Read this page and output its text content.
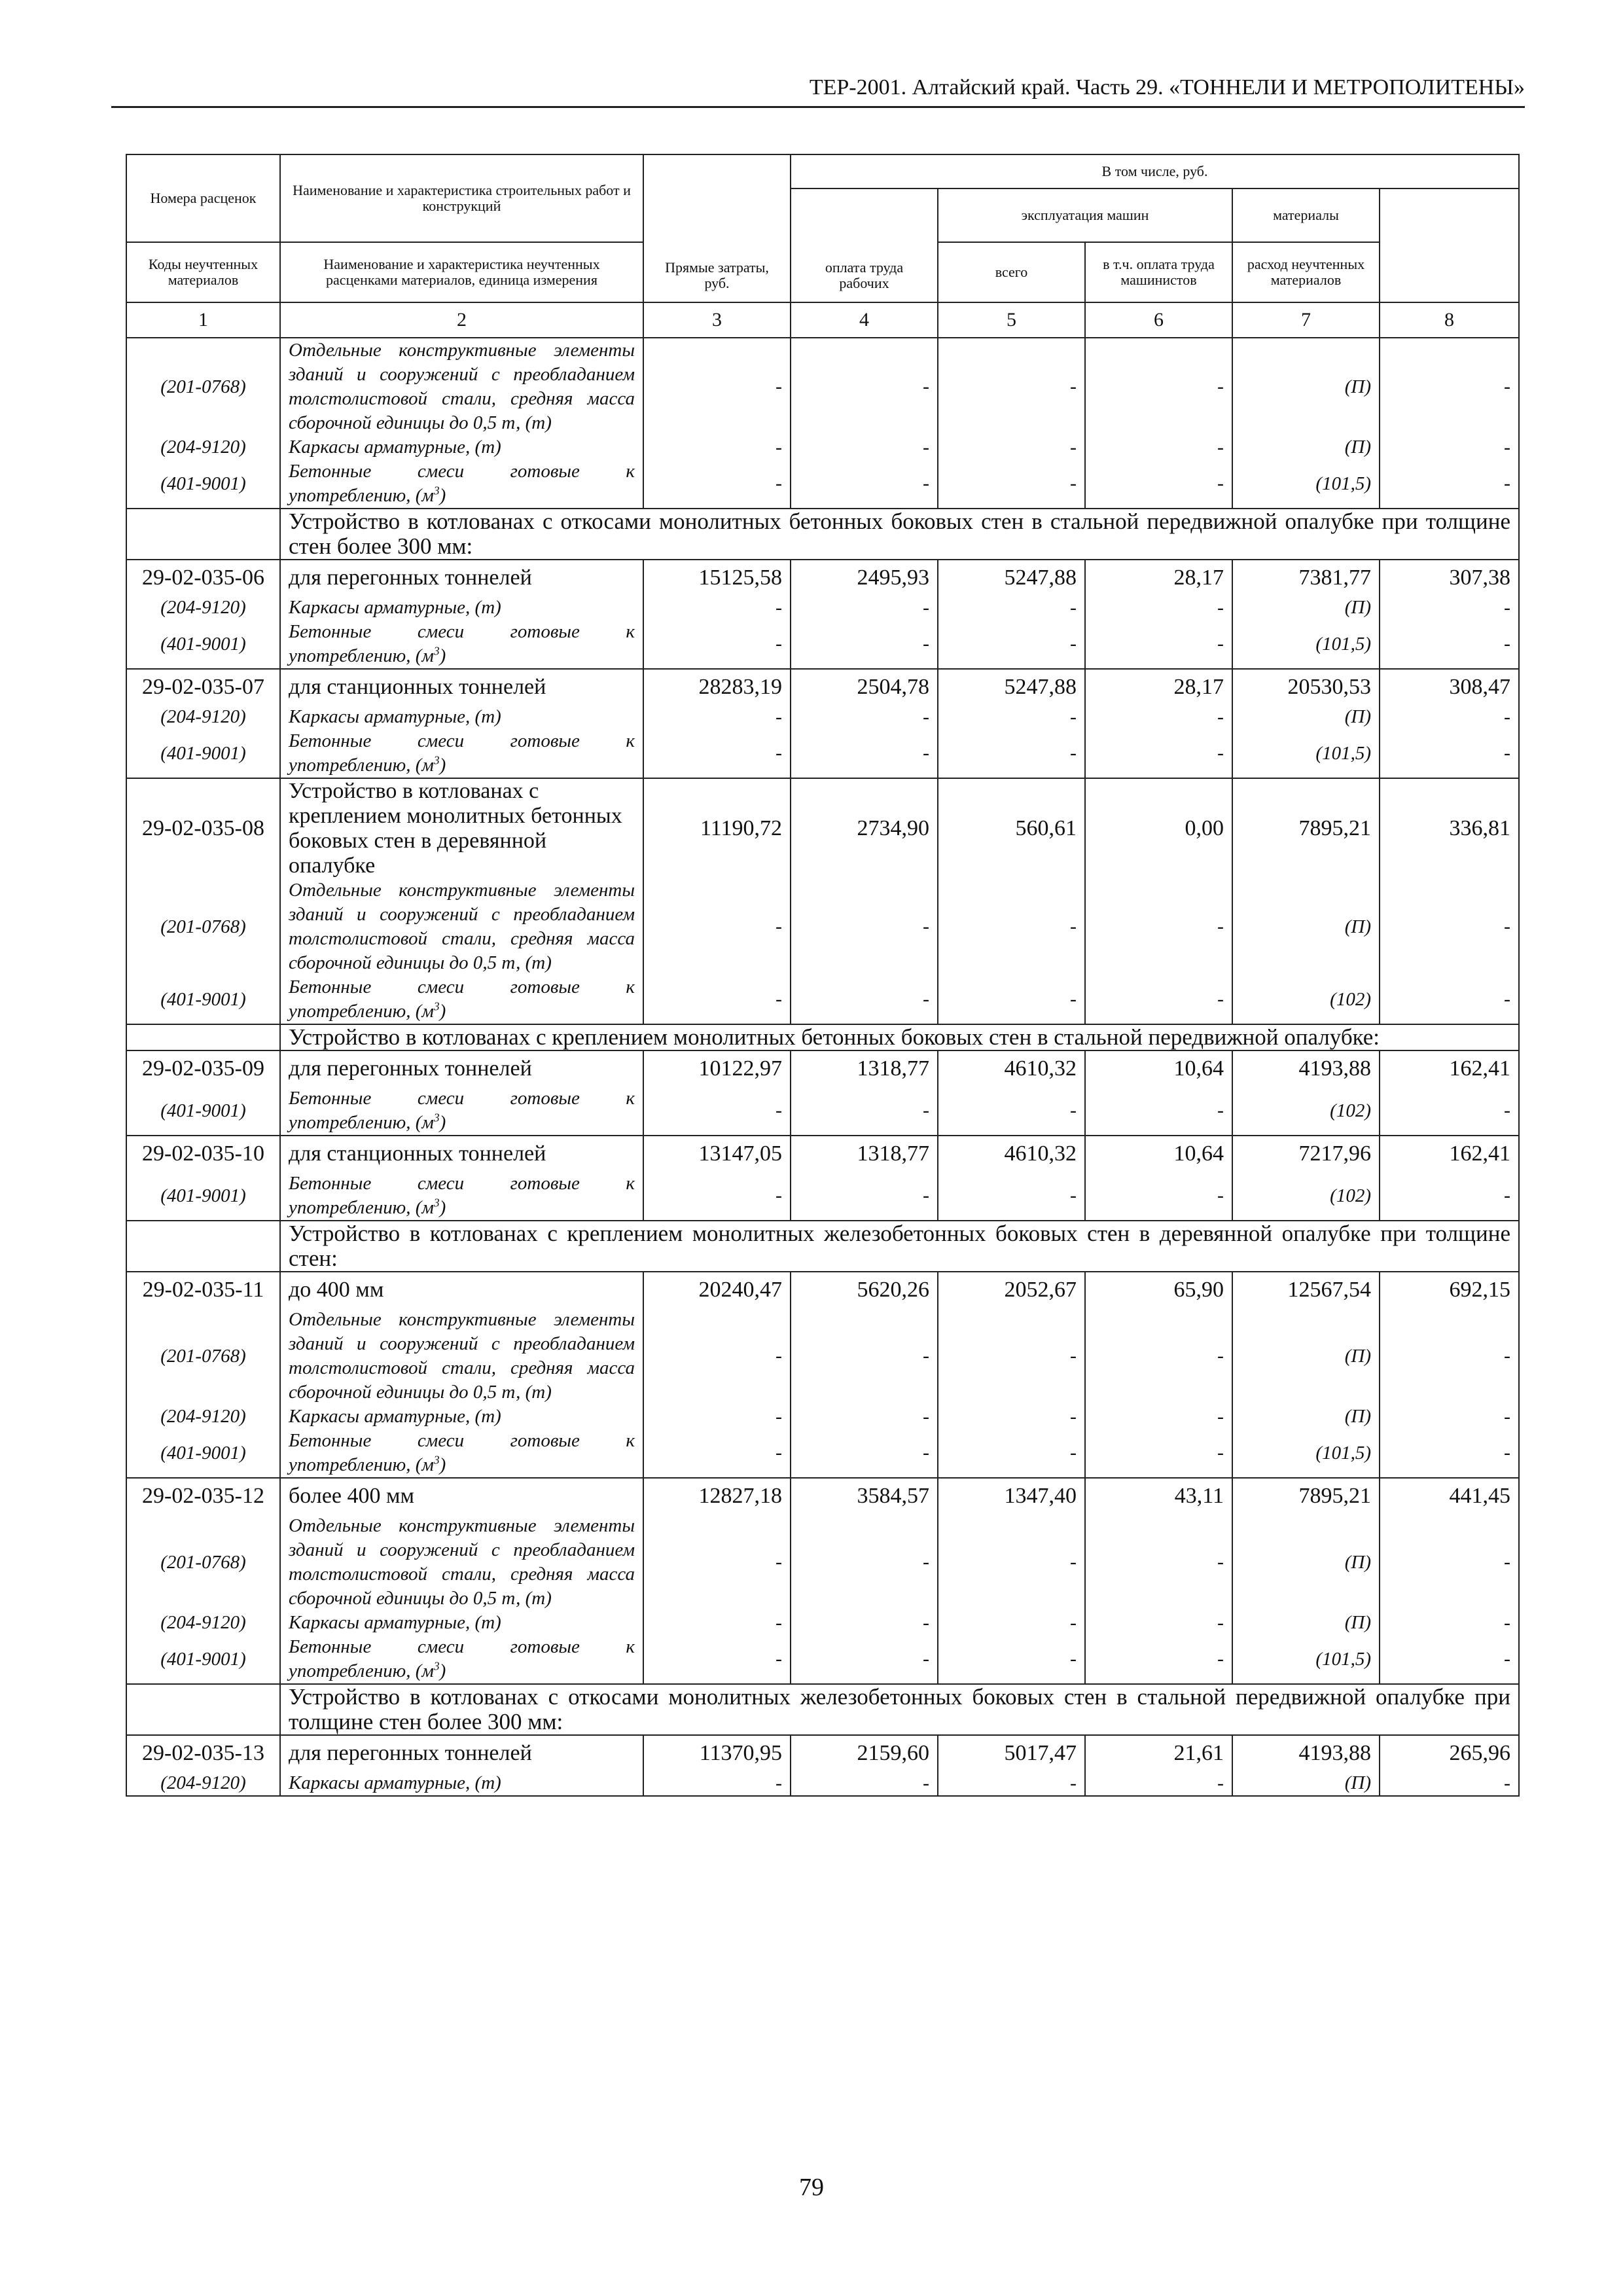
ТЕР-2001. Алтайский край. Часть 29. «ТОННЕЛИ И МЕТРОПОЛИТЕНЫ»
Номера расценок	Наименование и характеристика строительных работ и конструкций	Прямые затраты, руб.	В том числе, руб.	
			оплата труда рабочих	эксплуатация машин		материалы		
Коды неучтенных материалов	Наименование и характеристика неучтенных расценками материалов, единица измерения			всего	в т.ч. оплата труда машинистов	расход неучтенных материалов		
1	2	3	4	5	6	7	8	
(201-0768)	Отдельные конструктивные элементы зданий и сооружений с преобладанием толстолистовой стали, средняя масса сборочной единицы до 0,5 т, (т)	-	-	-	-	(П)	-	
(204-9120)	Каркасы арматурные, (т)	-	-	-	-	(П)	-	
(401-9001)	Бетонные смеси готовые к употреблению, $(м^3)$	-	-	-	-	(101,5)	-	
	Устройство в котлованах с откосами монолитных бетонных боковых стен в стальной передвижной опалубке при толщине стен более 300 мм:							
29-02-035-06	для перегонных тоннелей	15125,58	2495,93	5247,88	28,17	7381,77	307,38	
(204-9120)	Каркасы арматурные, (т)	-	-	-	-	(П)	-	
(401-9001)	Бетонные смеси готовые к употреблению, $(м^3)$	-	-	-	-	(101,5)	-	
29-02-035-07	для станционных тоннелей	28283,19	2504,78	5247,88	28,17	20530,53	308,47	
(204-9120)	Каркасы арматурные, (т)	-	-	-	-	(П)	-	
(401-9001)	Бетонные смеси готовые к употреблению, $(м^3)$	-	-	-	-	(101,5)	-	
29-02-035-08	Устройство в котлованах с креплением монолитных бетонных боковых стен в деревянной опалубке	11190,72	2734,90	560,61	0,00	7895,21	336,81	
(201-0768)	Отдельные конструктивные элементы зданий и сооружений с преобладанием толстолистовой стали, средняя масса сборочной единицы до 0,5 т, (т)	-	-	-	-	(П)	-	
(401-9001)	Бетонные смеси готовые к употреблению, $(м^3)$	-	-	-	-	(102)	-	
	Устройство в котлованах с креплением монолитных бетонных боковых стен в стальной передвижной опалубке:							
29-02-035-09	для перегонных тоннелей	10122,97	1318,77	4610,32	10,64	4193,88	162,41	
(401-9001)	Бетонные смеси готовые к употреблению, $(м^3)$	-	-	-	-	(102)	-	
29-02-035-10	для станционных тоннелей	13147,05	1318,77	4610,32	10,64	7217,96	162,41	
(401-9001)	Бетонные смеси готовые к употреблению, $(м^3)$	-	-	-	-	(102)	-	
	Устройство в котлованах с креплением монолитных железобетонных боковых стен в деревянной опалубке при толщине стен:							
29-02-035-11	до 400 мм	20240,47	5620,26	2052,67	65,90	12567,54	692,15	
(201-0768)	Отдельные конструктивные элементы зданий и сооружений с преобладанием толстолистовой стали, средняя масса сборочной единицы до 0,5 т, (т)	-	-	-	-	(П)	-	
(204-9120)	Каркасы арматурные, (т)	-	-	-	-	(П)	-	
(401-9001)	Бетонные смеси готовые к употреблению, $(м^3)$	-	-	-	-	(101,5)	-	
29-02-035-12	более 400 мм	12827,18	3584,57	1347,40	43,11	7895,21	441,45	
(201-0768)	Отдельные конструктивные элементы зданий и сооружений с преобладанием толстолистовой стали, средняя масса сборочной единицы до 0,5 т, (т)	-	-	-	-	(П)	-	
(204-9120)	Каркасы арматурные, (т)	-	-	-	-	(П)	-	
(401-9001)	Бетонные смеси готовые к употреблению, $(м^3)$	-	-	-	-	(101,5)	-	
	Устройство в котлованах с откосами монолитных железобетонных боковых стен в стальной передвижной опалубке при толщине стен более 300 мм:							
29-02-035-13	для перегонных тоннелей	11370,95	2159,60	5017,47	21,61	4193,88	265,96	
(204-9120)	Каркасы арматурные, (т)	-	-	-	-	(П)	-	
79
